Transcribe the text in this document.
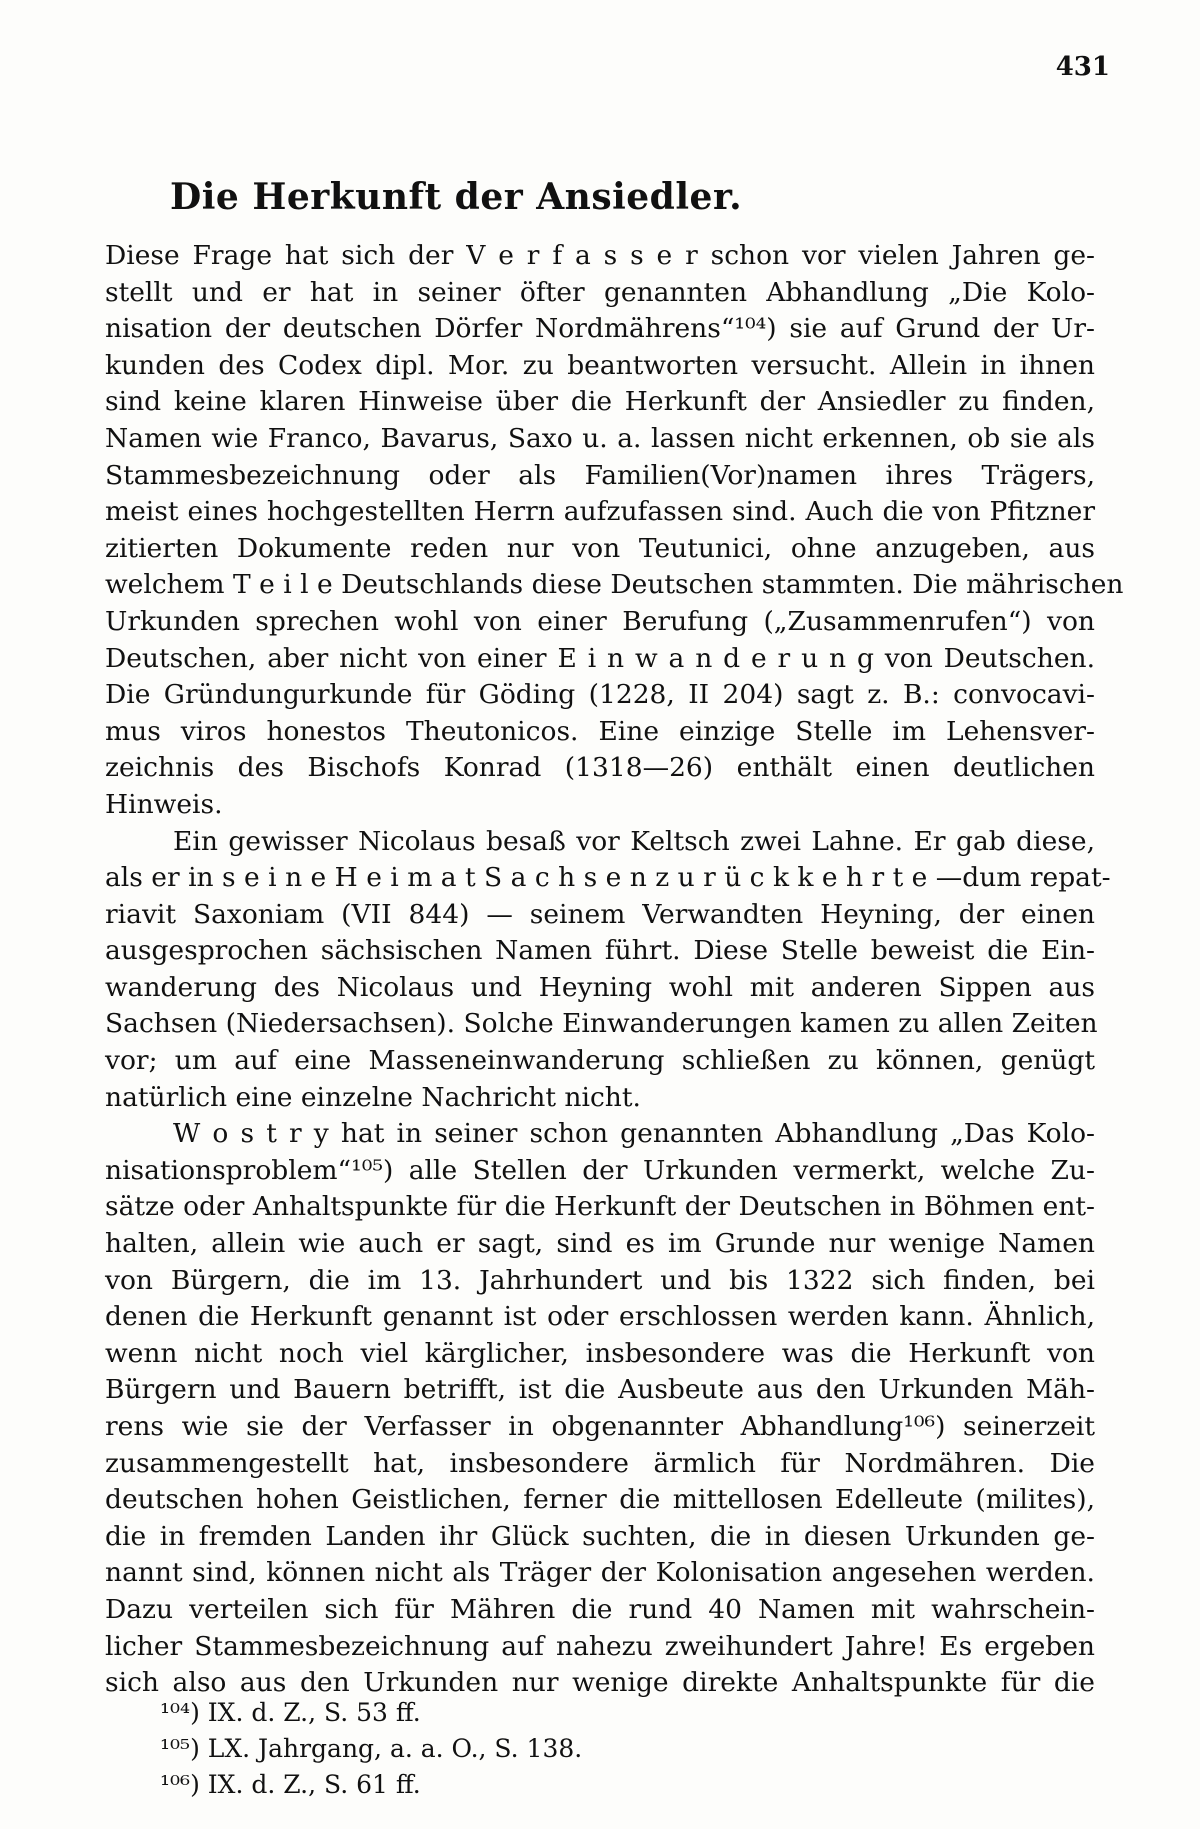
431
Die Herkunft der Ansiedler.
Diese Frage hat sich der V e r f a s s e r schon vor vielen Jahren ge-
stellt und er hat in seiner öfter genannten Abhandlung „Die Kolo-
nisation der deutschen Dörfer Nordmährens“¹⁰⁴) sie auf Grund der Ur-
kunden des Codex dipl. Mor. zu beantworten versucht. Allein in ihnen
sind keine klaren Hinweise über die Herkunft der Ansiedler zu finden,
Namen wie Franco, Bavarus, Saxo u. a. lassen nicht erkennen, ob sie als
Stammesbezeichnung oder als Familien(Vor)namen ihres Trägers,
meist eines hochgestellten Herrn aufzufassen sind. Auch die von Pfitzner
zitierten Dokumente reden nur von Teutunici, ohne anzugeben, aus
welchem T e i l e Deutschlands diese Deutschen stammten. Die mährischen
Urkunden sprechen wohl von einer Berufung („Zusammenrufen“) von
Deutschen, aber nicht von einer E i n w a n d e r u n g von Deutschen.
Die Gründungurkunde für Göding (1228, II 204) sagt z. B.: convocavi-
mus viros honestos Theutonicos. Eine einzige Stelle im Lehensver-
zeichnis des Bischofs Konrad (1318—26) enthält einen deutlichen
Hinweis.
Ein gewisser Nicolaus besaß vor Keltsch zwei Lahne. Er gab diese,
als er in s e i n e H e i m a t S a c h s e n z u r ü c k k e h r t e —dum repat-
riavit Saxoniam (VII 844) — seinem Verwandten Heyning, der einen
ausgesprochen sächsischen Namen führt. Diese Stelle beweist die Ein-
wanderung des Nicolaus und Heyning wohl mit anderen Sippen aus
Sachsen (Niedersachsen). Solche Einwanderungen kamen zu allen Zeiten
vor; um auf eine Masseneinwanderung schließen zu können, genügt
natürlich eine einzelne Nachricht nicht.
W o s t r y hat in seiner schon genannten Abhandlung „Das Kolo-
nisationsproblem“¹⁰⁵) alle Stellen der Urkunden vermerkt, welche Zu-
sätze oder Anhaltspunkte für die Herkunft der Deutschen in Böhmen ent-
halten, allein wie auch er sagt, sind es im Grunde nur wenige Namen
von Bürgern, die im 13. Jahrhundert und bis 1322 sich finden, bei
denen die Herkunft genannt ist oder erschlossen werden kann. Ähnlich,
wenn nicht noch viel kärglicher, insbesondere was die Herkunft von
Bürgern und Bauern betrifft, ist die Ausbeute aus den Urkunden Mäh-
rens wie sie der Verfasser in obgenannter Abhandlung¹⁰⁶) seinerzeit
zusammengestellt hat, insbesondere ärmlich für Nordmähren. Die
deutschen hohen Geistlichen, ferner die mittellosen Edelleute (milites),
die in fremden Landen ihr Glück suchten, die in diesen Urkunden ge-
nannt sind, können nicht als Träger der Kolonisation angesehen werden.
Dazu verteilen sich für Mähren die rund 40 Namen mit wahrschein-
licher Stammesbezeichnung auf nahezu zweihundert Jahre! Es ergeben
sich also aus den Urkunden nur wenige direkte Anhaltspunkte für die
¹⁰⁴) IX. d. Z., S. 53 ff.
¹⁰⁵) LX. Jahrgang, a. a. O., S. 138.
¹⁰⁶) IX. d. Z., S. 61 ff.
